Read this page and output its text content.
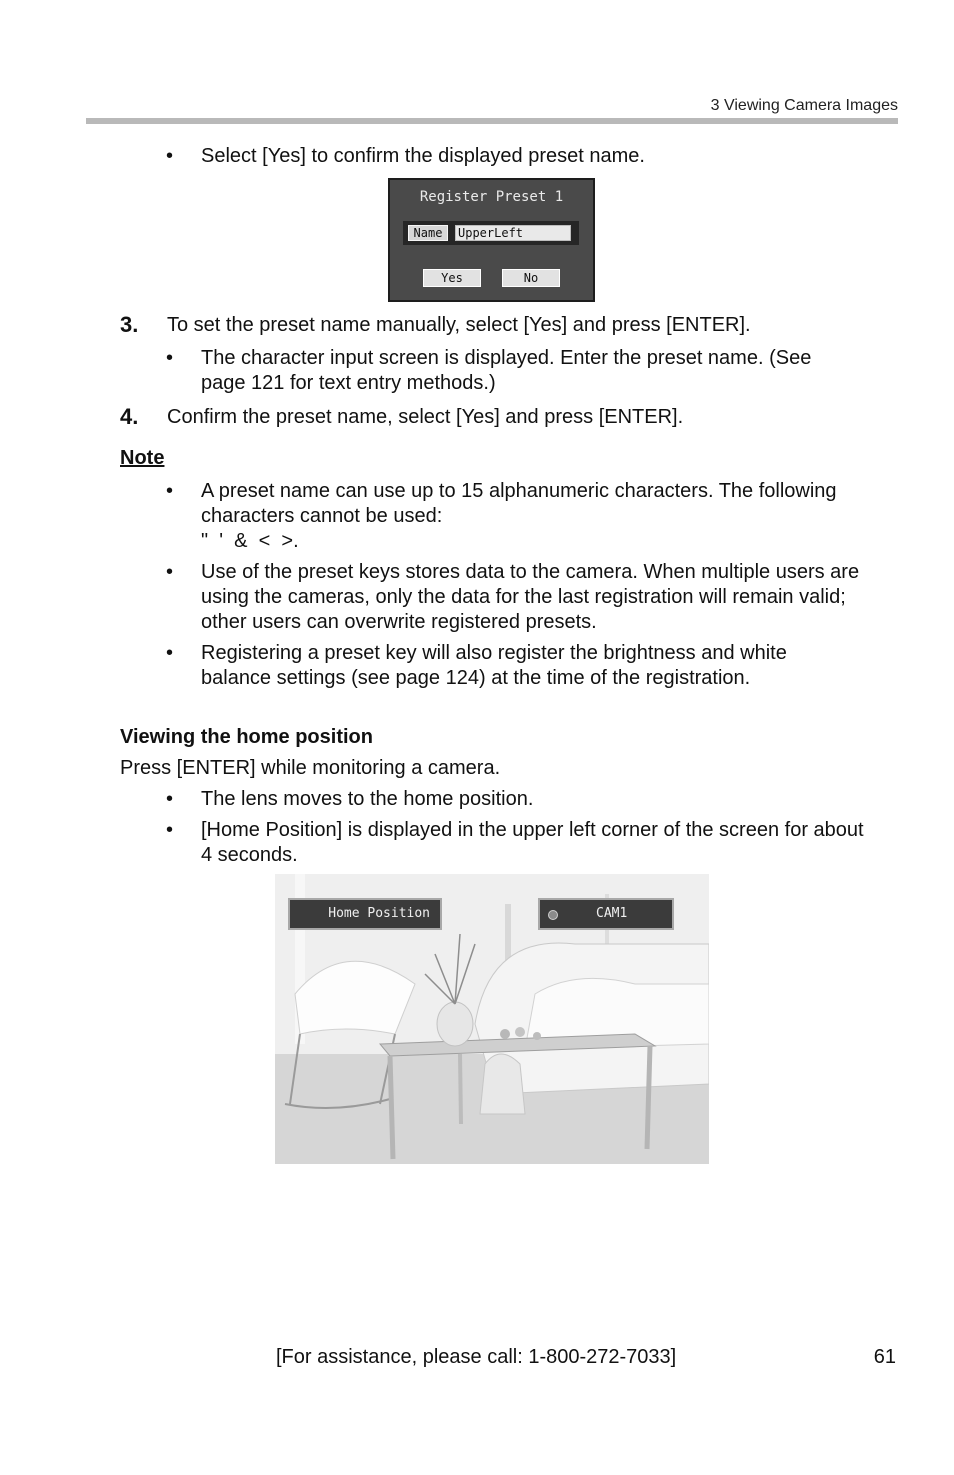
3 Viewing Camera Images
• Select [Yes] to confirm the displayed preset name.
Register Preset 1
Name	UpperLeft
Yes	No
3. To set the preset name manually, select [Yes] and press [ENTER].
• The character input screen is displayed. Enter the preset name. (See
page 121 for text entry methods.)
4. Confirm the preset name, select [Yes] and press [ENTER].
Note
• A preset name can use up to 15 alphanumeric characters. The following
characters cannot be used:
"  '  &  <  >.
• Use of the preset keys stores data to the camera. When multiple users are
using the cameras, only the data for the last registration will remain valid;
other users can overwrite registered presets.
• Registering a preset key will also register the brightness and white
balance settings (see page 124) at the time of the registration.
Viewing the home position
Press [ENTER] while monitoring a camera.
• The lens moves to the home position.
• [Home Position] is displayed in the upper left corner of the screen for about
4 seconds.
Home Position	CAM1
[For assistance, please call: 1-800-272-7033]	61
